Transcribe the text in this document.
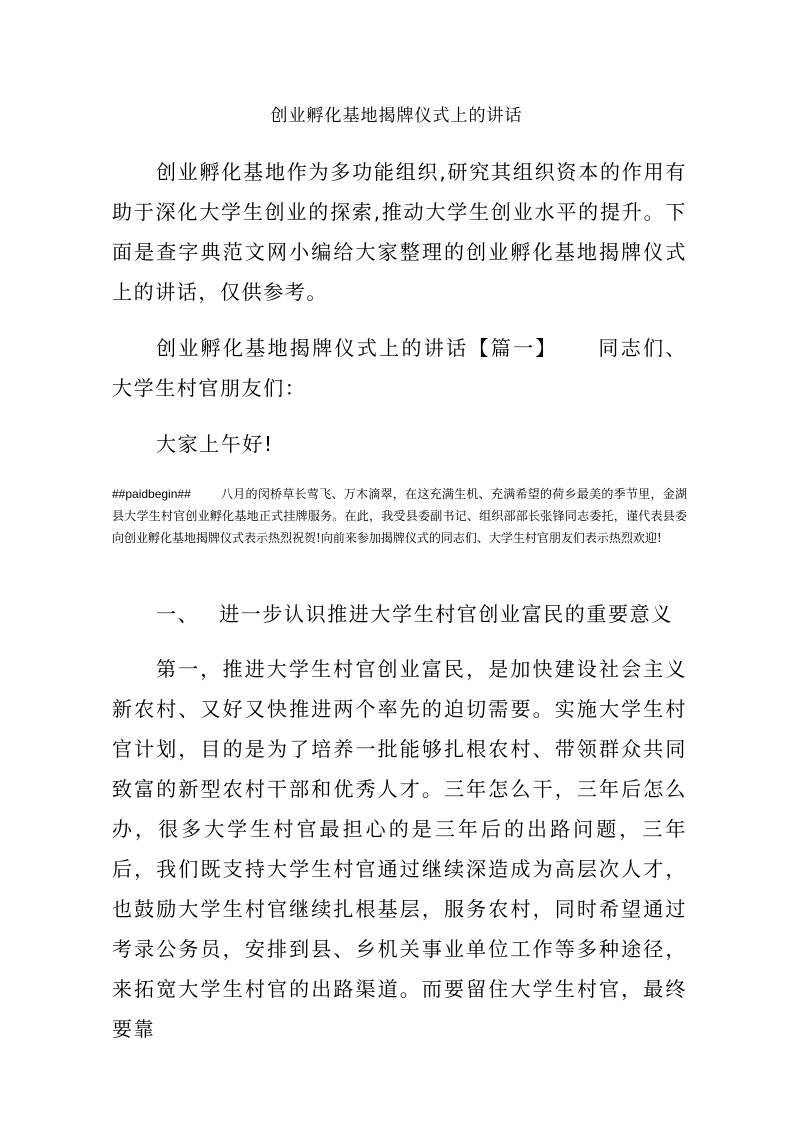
创业孵化基地揭牌仪式上的讲话

创业孵化基地作为多功能组织,研究其组织资本的作用有助于深化大学生创业的探索,推动大学生创业水平的提升。下面是查字典范文网小编给大家整理的创业孵化基地揭牌仪式上的讲话，仅供参考。

创业孵化基地揭牌仪式上的讲话【篇一】 同志们、大学生村官朋友们：

大家上午好!

##paidbegin##	八月的闵桥草长莺飞、万木滴翠，在这充满生机、充满希望的荷乡最美的季节里，金湖县大学生村官创业孵化基地正式挂牌服务。在此，我受县委副书记、组织部部长张锋同志委托，谨代表县委向创业孵化基地揭牌仪式表示热烈祝贺!向前来参加揭牌仪式的同志们、大学生村官朋友们表示热烈欢迎!

一、 进一步认识推进大学生村官创业富民的重要意义

第一，推进大学生村官创业富民，是加快建设社会主义新农村、又好又快推进两个率先的迫切需要。实施大学生村官计划，目的是为了培养一批能够扎根农村、带领群众共同致富的新型农村干部和优秀人才。三年怎么干，三年后怎么办，很多大学生村官最担心的是三年后的出路问题，三年后，我们既支持大学生村官通过继续深造成为高层次人才，也鼓励大学生村官继续扎根基层，服务农村，同时希望通过考录公务员，安排到县、乡机关事业单位工作等多种途径，来拓宽大学生村官的出路渠道。而要留住大学生村官，最终要靠
